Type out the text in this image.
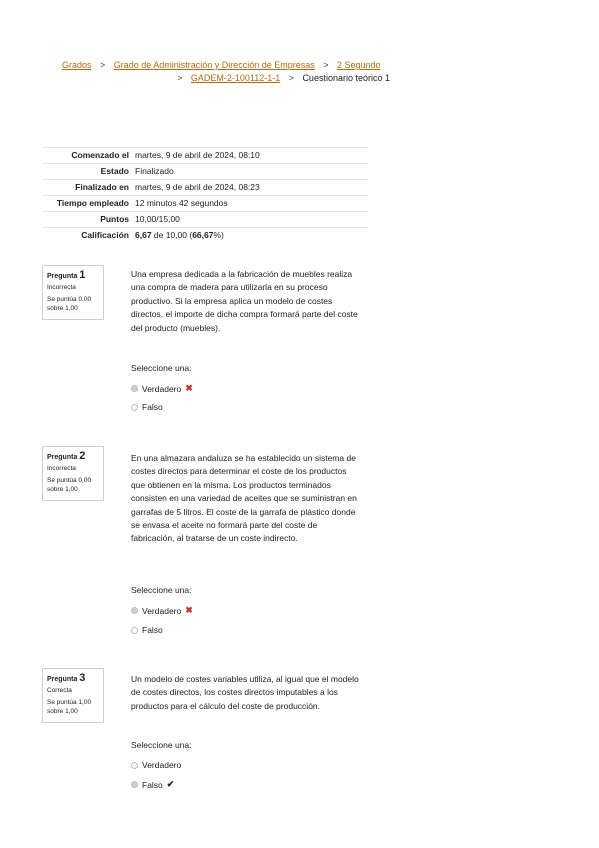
Grados > Grado de Administración y Dirección de Empresas > 2 Segundo
> GADEM-2-100112-1-1 > Cuestionario teórico 1
Comenzado el	martes, 9 de abril de 2024, 08:10
Estado	Finalizado
Finalizado en	martes, 9 de abril de 2024, 08:23
Tiempo empleado	12 minutos 42 segundos
Puntos	10,00/15,00
Calificación	6,67 de 10,00 (66,67%)
Pregunta 1
Incorrecta
Se puntúa 0,00 sobre 1,00
Una empresa dedicada a la fabricación de muebles realiza una compra de madera para utilizarla en su proceso productivo. Si la empresa aplica un modelo de costes directos, el importe de dicha compra formará parte del coste del producto (muebles).
Seleccione una:
Verdadero ✖
Falso
Pregunta 2
Incorrecta
Se puntúa 0,00 sobre 1,00
En una almazara andaluza se ha establecido un sistema de costes directos para determinar el coste de los productos que obtienen en la misma. Los productos terminados consisten en una variedad de aceites que se suministran en garrafas de 5 litros. El coste de la garrafa de plástico donde se envasa el aceite no formará parte del coste de fabricación, al tratarse de un coste indirecto.
Seleccione una:
Verdadero ✖
Falso
Pregunta 3
Correcta
Se puntúa 1,00 sobre 1,00
Un modelo de costes variables utiliza, al igual que el modelo de costes directos, los costes directos imputables a los productos para el cálculo del coste de producción.
Seleccione una:
Verdadero
Falso ✔
